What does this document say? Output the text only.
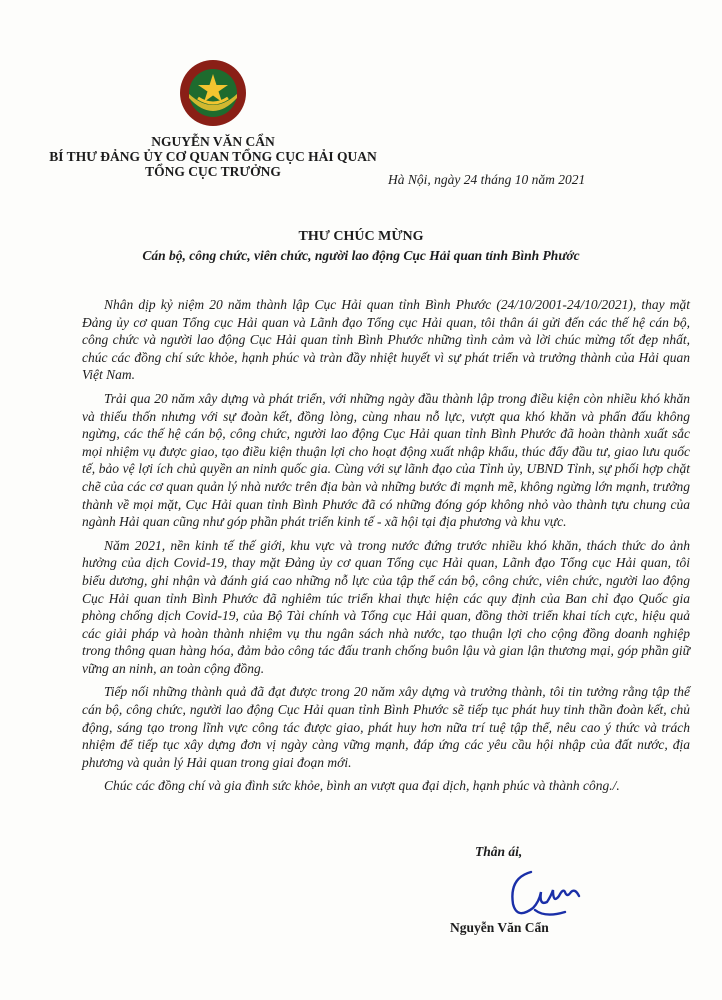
NGUYỄN VĂN CẨN
BÍ THƯ ĐẢNG ỦY CƠ QUAN TỔNG CỤC HẢI QUAN
TỔNG CỤC TRƯỞNG
Hà Nội, ngày 24 tháng 10 năm 2021
THƯ CHÚC MỪNG
Cán bộ, công chức, viên chức, người lao động Cục Hải quan tỉnh Bình Phước

Nhân dịp kỷ niệm 20 năm thành lập Cục Hải quan tỉnh Bình Phước (24/10/2001-24/10/2021), thay mặt Đảng ủy cơ quan Tổng cục Hải quan và Lãnh đạo Tổng cục Hải quan, tôi thân ái gửi đến các thế hệ cán bộ, công chức và người lao động Cục Hải quan tỉnh Bình Phước những tình cảm và lời chúc mừng tốt đẹp nhất, chúc các đồng chí sức khỏe, hạnh phúc và tràn đầy nhiệt huyết vì sự phát triển và trưởng thành của Hải quan Việt Nam.

Trải qua 20 năm xây dựng và phát triển, với những ngày đầu thành lập trong điều kiện còn nhiều khó khăn và thiếu thốn nhưng với sự đoàn kết, đồng lòng, cùng nhau nỗ lực, vượt qua khó khăn và phấn đấu không ngừng, các thế hệ cán bộ, công chức, người lao động Cục Hải quan tỉnh Bình Phước đã hoàn thành xuất sắc mọi nhiệm vụ được giao, tạo điều kiện thuận lợi cho hoạt động xuất nhập khẩu, thúc đẩy đầu tư, giao lưu quốc tế, bảo vệ lợi ích chủ quyền an ninh quốc gia. Cùng với sự lãnh đạo của Tỉnh ủy, UBND Tỉnh, sự phối hợp chặt chẽ của các cơ quan quản lý nhà nước trên địa bàn và những bước đi mạnh mẽ, không ngừng lớn mạnh, trưởng thành về mọi mặt, Cục Hải quan tỉnh Bình Phước đã có những đóng góp không nhỏ vào thành tựu chung của ngành Hải quan cũng như góp phần phát triển kinh tế - xã hội tại địa phương và khu vực.

Năm 2021, nền kinh tế thế giới, khu vực và trong nước đứng trước nhiều khó khăn, thách thức do ảnh hưởng của dịch Covid-19, thay mặt Đảng ủy cơ quan Tổng cục Hải quan, Lãnh đạo Tổng cục Hải quan, tôi biểu dương, ghi nhận và đánh giá cao những nỗ lực của tập thể cán bộ, công chức, viên chức, người lao động Cục Hải quan tỉnh Bình Phước đã nghiêm túc triển khai thực hiện các quy định của Ban chỉ đạo Quốc gia phòng chống dịch Covid-19, của Bộ Tài chính và Tổng cục Hải quan, đồng thời triển khai tích cực, hiệu quả các giải pháp và hoàn thành nhiệm vụ thu ngân sách nhà nước, tạo thuận lợi cho cộng đồng doanh nghiệp trong thông quan hàng hóa, đảm bảo công tác đấu tranh chống buôn lậu và gian lận thương mại, góp phần giữ vững an ninh, an toàn cộng đồng.

Tiếp nối những thành quả đã đạt được trong 20 năm xây dựng và trưởng thành, tôi tin tưởng rằng tập thể cán bộ, công chức, người lao động Cục Hải quan tỉnh Bình Phước sẽ tiếp tục phát huy tinh thần đoàn kết, chủ động, sáng tạo trong lĩnh vực công tác được giao, phát huy hơn nữa trí tuệ tập thể, nêu cao ý thức và trách nhiệm để tiếp tục xây dựng đơn vị ngày càng vững mạnh, đáp ứng các yêu cầu hội nhập của đất nước, địa phương và quản lý Hải quan trong giai đoạn mới.

Chúc các đồng chí và gia đình sức khỏe, bình an vượt qua đại dịch, hạnh phúc và thành công./.

Thân ái,
Nguyễn Văn Cẩn
